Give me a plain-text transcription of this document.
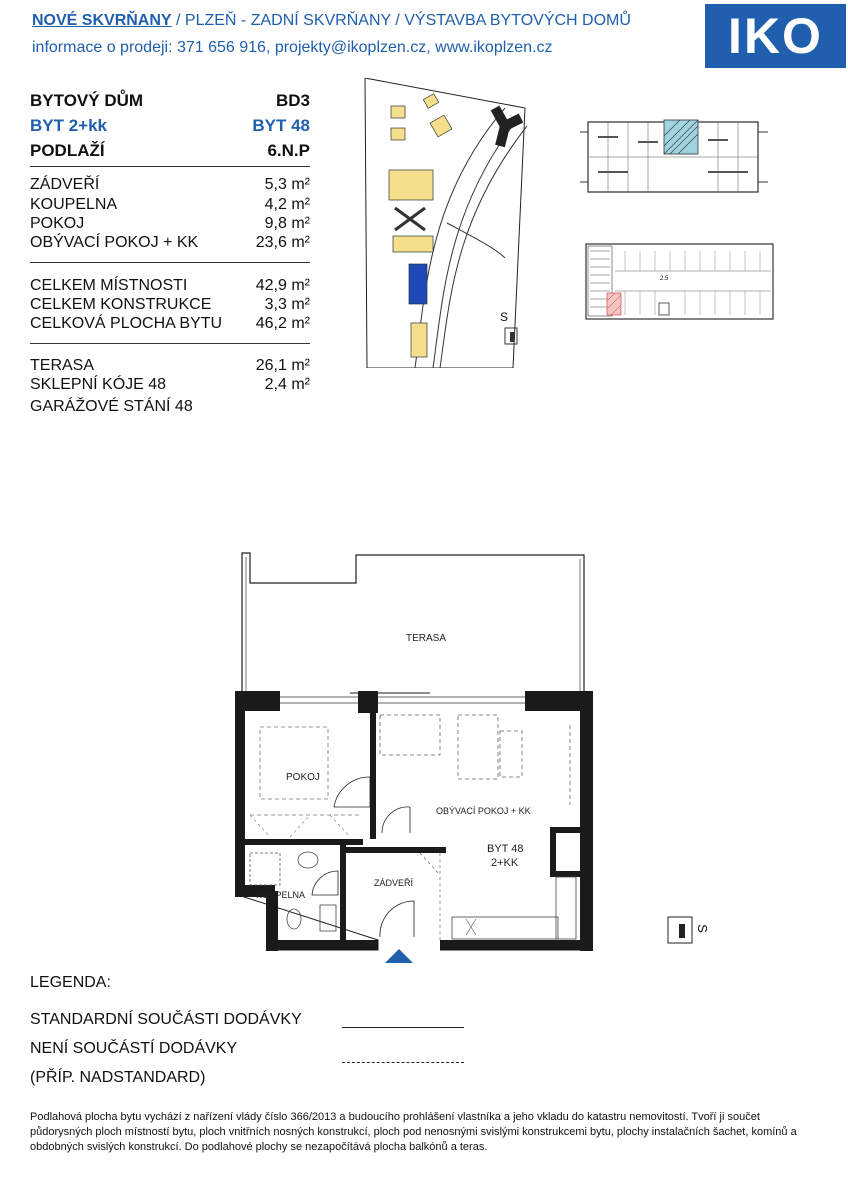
NOVÉ SKVRŇANY / PLZEŇ - ZADNÍ SKVRŇANY / VÝSTAVBA BYTOVÝCH DOMŮ
informace o prodeji: 371 656 916, projekty@ikoplzen.cz, www.ikoplzen.cz	IKO
BYTOVÝ DŮM	BD3
BYT 2+kk	BYT 48
PODLAŽÍ	6.N.P
ZÁDVEŘÍ	5,3 m²
KOUPELNA	4,2 m²
POKOJ	9,8 m²
OBÝVACÍ POKOJ + KK	23,6 m²
CELKEM MÍSTNOSTI	42,9 m²
CELKEM KONSTRUKCE	3,3 m²
CELKOVÁ PLOCHA BYTU 46,2 m²
TERASA	26,1 m²
SKLEPNÍ KÓJE 48	2,4 m²
GARÁŽOVÉ STÁNÍ 48
S
2.5
TERASA
POKOJ
OBÝVACÍ POKOJ + KK
BYT 48
2+KK
KOUPELNA
ZÁDVEŘÍ
S
LEGENDA:
STANDARDNÍ SOUČÁSTI DODÁVKY
NENÍ SOUČÁSTÍ DODÁVKY
(PŘÍP. NADSTANDARD)
Podlahová plocha bytu vychází z nařízení vlády číslo 366/2013 a budoucího prohlášení vlastníka a jeho vkladu do katastru nemovitostí. Tvoří ji součet půdorysných ploch místností bytu, ploch vnitřních nosných konstrukcí, ploch pod nenosnými svislými konstrukcemi bytu, plochy instalačních šachet, komínů a obdobných svislých konstrukcí. Do podlahové plochy se nezapočítává plocha balkónů a teras.
